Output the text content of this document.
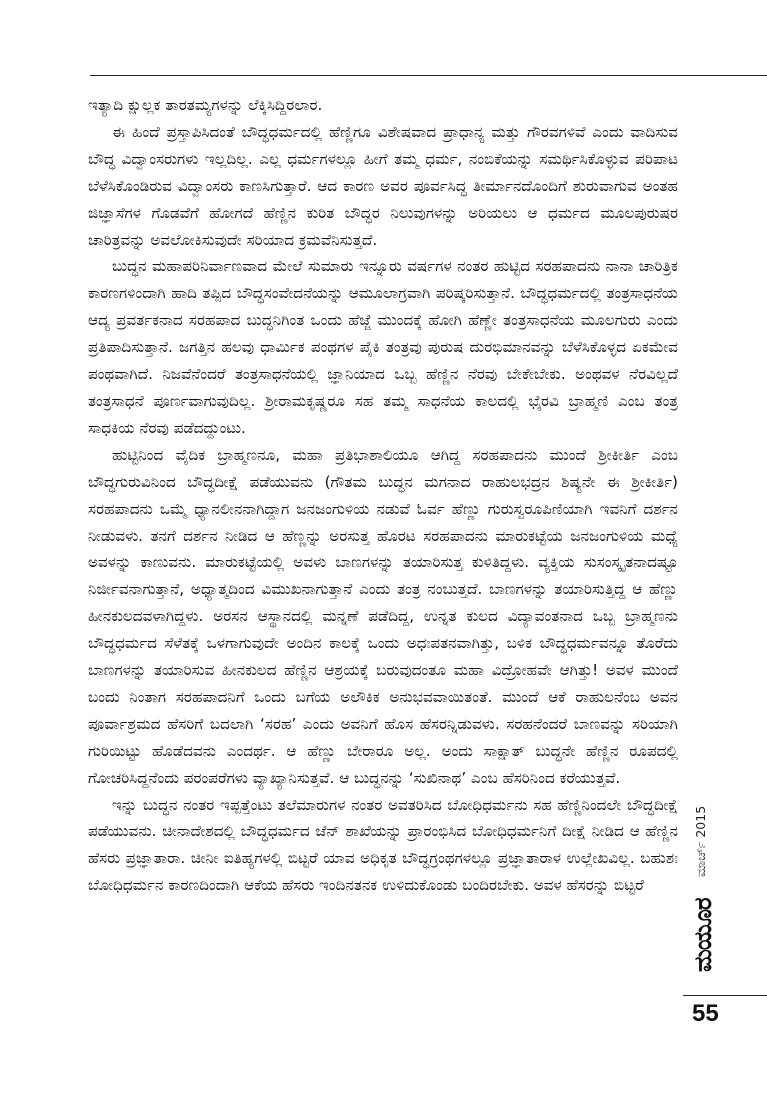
ಇತ್ಯಾದಿ ಕ್ಷುಲ್ಲಕ ತಾರತಮ್ಯಗಳನ್ನು ಲೆಕ್ಕಿಸಿದ್ದಿರಲಾರ.

ಈ ಹಿಂದೆ ಪ್ರಸ್ತಾಪಿಸಿದಂತೆ ಬೌದ್ಧಧರ್ಮದಲ್ಲಿ ಹೆಣ್ಣಿಗೂ ವಿಶೇಷವಾದ ಪ್ರಾಧಾನ್ಯ ಮತ್ತು ಗೌರವಗಳಿವೆ ಎಂದು ವಾದಿಸುವ ಬೌದ್ಧ ವಿದ್ವಾಂಸರುಗಳು ಇಲ್ಲದಿಲ್ಲ. ಎಲ್ಲ ಧರ್ಮಗಳಲ್ಲೂ ಹೀಗೆ ತಮ್ಮ ಧರ್ಮ, ನಂಬಿಕೆಯನ್ನು ಸಮರ್ಥಿಸಿಕೊಳ್ಳುವ ಪರಿಪಾಟ ಬೆಳೆಸಿಕೊಂಡಿರುವ ವಿದ್ವಾಂಸರು ಕಾಣಸಿಗುತ್ತಾರೆ. ಆದ ಕಾರಣ ಅವರ ಪೂರ್ವಸಿದ್ಧ ತೀರ್ಮಾನದೊಂದಿಗೆ ಶುರುವಾಗುವ ಅಂತಹ ಜಿಜ್ಞಾಸೆಗಳ ಗೊಡವೆಗೆ ಹೋಗದೆ ಹೆಣ್ಣಿನ ಕುರಿತ ಬೌದ್ಧರ ನಿಲುವುಗಳನ್ನು ಅರಿಯಲು ಆ ಧರ್ಮದ ಮೂಲಪುರುಷರ ಚಾರಿತ್ರವನ್ನು ಅವಲೋಕಿಸುವುದೇ ಸರಿಯಾದ ಕ್ರಮವೆನಿಸುತ್ತದೆ.

ಬುದ್ಧನ ಮಹಾಪರಿನಿರ್ವಾಣವಾದ ಮೇಲೆ ಸುಮಾರು ಇನ್ನೂರು ವರ್ಷಗಳ ನಂತರ ಹುಟ್ಟಿದ ಸರಹಪಾದನು ನಾನಾ ಚಾರಿತ್ರಿಕ ಕಾರಣಗಳಿಂದಾಗಿ ಹಾದಿ ತಪ್ಪಿದ ಬೌದ್ಧಸಂವೇದನೆಯನ್ನು ಆಮೂಲಾಗ್ರವಾಗಿ ಪರಿಷ್ಕರಿಸುತ್ತಾನೆ. ಬೌದ್ಧಧರ್ಮದಲ್ಲಿ ತಂತ್ರಸಾಧನೆಯ ಆದ್ಯ ಪ್ರವರ್ತಕನಾದ ಸರಹಪಾದ ಬುದ್ಧನಿಗಿಂತ ಒಂದು ಹೆಜ್ಜೆ ಮುಂದಕ್ಕೆ ಹೋಗಿ ಹೆಣ್ಣೇ ತಂತ್ರಸಾಧನೆಯ ಮೂಲಗುರು ಎಂದು ಪ್ರತಿಪಾದಿಸುತ್ತಾನೆ. ಜಗತ್ತಿನ ಹಲವು ಧಾರ್ಮಿಕ ಪಂಥಗಳ ಪೈಕಿ ತಂತ್ರವು ಪುರುಷ ದುರಭಿಮಾನವನ್ನು ಬೆಳೆಸಿಕೊಳ್ಳದ ಏಕಮೇವ ಪಂಥವಾಗಿದೆ. ನಿಜವೆನೆಂದರೆ ತಂತ್ರಸಾಧನೆಯಲ್ಲಿ ಜ್ಞಾನಿಯಾದ ಒಬ್ಬ ಹೆಣ್ಣಿನ ನೆರವು ಬೇಕೇಬೇಕು. ಅಂಥವಳ ನೆರವಿಲ್ಲದೆ ತಂತ್ರಸಾಧನೆ ಪೂರ್ಣವಾಗುವುದಿಲ್ಲ. ಶ್ರೀರಾಮಕೃಷ್ಣರೂ ಸಹ ತಮ್ಮ ಸಾಧನೆಯ ಕಾಲದಲ್ಲಿ ಭೈರವಿ ಬ್ರಾಹ್ಮಣಿ ಎಂಬ ತಂತ್ರ ಸಾಧಕಿಯ ನೆರವು ಪಡೆದದ್ದುಂಟು.

ಹುಟ್ಟಿನಿಂದ ವೈದಿಕ ಬ್ರಾಹ್ಮಣನೂ, ಮಹಾ ಪ್ರತಿಭಾಶಾಲಿಯೂ ಆಗಿದ್ದ ಸರಹಪಾದನು ಮುಂದೆ ಶ್ರೀಕೀರ್ತಿ ಎಂಬ ಬೌದ್ಧಗುರುವಿನಿಂದ ಬೌದ್ಧದೀಕ್ಷೆ ಪಡೆಯುವನು (ಗೌತಮ ಬುದ್ಧನ ಮಗನಾದ ರಾಹುಲಭದ್ರನ ಶಿಷ್ಯನೇ ಈ ಶ್ರೀಕೀರ್ತಿ) ಸರಹಪಾದನು ಒಮ್ಮೆ ಧ್ಯಾನಲೀನನಾಗಿದ್ದಾಗ ಜನಜಂಗುಳಿಯ ನಡುವೆ ಓರ್ವ ಹೆಣ್ಣು ಗುರುಸ್ವರೂಪಿಣಿಯಾಗಿ ಇವನಿಗೆ ದರ್ಶನ ನೀಡುವಳು. ತನಗೆ ದರ್ಶನ ನೀಡಿದ ಆ ಹೆಣ್ಣನ್ನು ಅರಸುತ್ತ ಹೊರಟ ಸರಹಪಾದನು ಮಾರುಕಟ್ಟೆಯ ಜನಜಂಗುಳಿಯ ಮಧ್ಯೆ ಅವಳನ್ನು ಕಾಣುವನು. ಮಾರುಕಟ್ಟೆಯಲ್ಲಿ ಅವಳು ಬಾಣಗಳನ್ನು ತಯಾರಿಸುತ್ತ ಕುಳಿತಿದ್ದಳು. ವ್ಯಕ್ತಿಯ ಸುಸಂಸ್ಕೃತನಾದಷ್ಟೂ ನಿರ್ಜೀವನಾಗುತ್ತಾನೆ, ಅಧ್ಯಾತ್ಮದಿಂದ ವಿಮುಖನಾಗುತ್ತಾನೆ ಎಂದು ತಂತ್ರ ನಂಬುತ್ತದೆ. ಬಾಣಗಳನ್ನು ತಯಾರಿಸುತ್ತಿದ್ದ ಆ ಹೆಣ್ಣು ಹೀನಕುಲದವಳಾಗಿದ್ದಳು. ಅರಸನ ಆಸ್ಥಾನದಲ್ಲಿ ಮನ್ನಣೆ ಪಡೆದಿದ್ದ, ಉನ್ನತ ಕುಲದ ವಿದ್ಯಾವಂತನಾದ ಒಬ್ಬ ಬ್ರಾಹ್ಮಣನು ಬೌದ್ಧಧರ್ಮದ ಸೆಳೆತಕ್ಕೆ ಒಳಗಾಗುವುದೇ ಅಂದಿನ ಕಾಲಕ್ಕೆ ಒಂದು ಅಧಃಪತನವಾಗಿತ್ತು, ಬಳಿಕ ಬೌದ್ಧಧರ್ಮವನ್ನೂ ತೊರೆದು ಬಾಣಗಳನ್ನು ತಯಾರಿಸುವ ಹೀನಕುಲದ ಹೆಣ್ಣಿನ ಆಶ್ರಯಕ್ಕೆ ಬರುವುದಂತೂ ಮಹಾ ವಿದ್ರೋಹವೇ ಆಗಿತ್ತು! ಅವಳ ಮುಂದೆ ಬಂದು ನಿಂತಾಗ ಸರಹಪಾದನಿಗೆ ಒಂದು ಬಗೆಯ ಅಲೌಕಿಕ ಅನುಭವವಾಯಿತಂತೆ. ಮುಂದೆ ಆಕೆ ರಾಹುಲನೆಂಬ ಅವನ ಪೂರ್ವಾಶ್ರಮದ ಹೆಸರಿಗೆ ಬದಲಾಗಿ ‘ಸರಹ’ ಎಂದು ಅವನಿಗೆ ಹೊಸ ಹೆಸರನ್ನಿಡುವಳು. ಸರಹನೆಂದರೆ ಬಾಣವನ್ನು ಸರಿಯಾಗಿ ಗುರಿಯಿಟ್ಟು ಹೊಡೆದವನು ಎಂದರ್ಥ. ಆ ಹೆಣ್ಣು ಬೇರಾರೂ ಅಲ್ಲ. ಅಂದು ಸಾಕ್ಷಾತ್ ಬುದ್ಧನೇ ಹೆಣ್ಣಿನ ರೂಪದಲ್ಲಿ ಗೋಚರಿಸಿದ್ದನೆಂದು ಪರಂಪರೆಗಳು ವ್ಯಾಖ್ಯಾನಿಸುತ್ತವೆ. ಆ ಬುದ್ಧನನ್ನು ‘ಸುಖಿನಾಥ’ ಎಂಬ ಹೆಸರಿನಿಂದ ಕರೆಯುತ್ತವೆ.

ಇನ್ನು ಬುದ್ಧನ ನಂತರ ಇಪ್ಪತ್ತೆಂಟು ತಲೆಮಾರುಗಳ ನಂತರ ಅವತರಿಸಿದ ಬೋಧಿಧರ್ಮನು ಸಹ ಹೆಣ್ಣಿನಿಂದಲೇ ಬೌದ್ಧದೀಕ್ಷೆ ಪಡೆಯುವನು. ಚೀನಾದೇಶದಲ್ಲಿ ಬೌದ್ಧಧರ್ಮದ ಜೆನ್ ಶಾಖೆಯನ್ನು ಪ್ರಾರಂಭಿಸಿದ ಬೋಧಿಧರ್ಮನಿಗೆ ದೀಕ್ಷೆ ನೀಡಿದ ಆ ಹೆಣ್ಣಿನ ಹೆಸರು ಪ್ರಜ್ಞಾತಾರಾ. ಚೀನೀ ಐತಿಹ್ಯಗಳಲ್ಲಿ ಬಿಟ್ಟರೆ ಯಾವ ಅಧಿಕೃತ ಬೌದ್ಧಗ್ರಂಥಗಳಲ್ಲೂ ಪ್ರಜ್ಞಾತಾರಾಳ ಉಲ್ಲೇಖವಿಲ್ಲ. ಬಹುಶಃ ಬೋಧಿಧರ್ಮನ ಕಾರಣದಿಂದಾಗಿ ಆಕೆಯ ಹೆಸರು ಇಂದಿನತನಕ ಉಳಿದುಕೊಂಡು ಬಂದಿರಬೇಕು. ಅವಳ ಹೆಸರನ್ನು ಬಿಟ್ಟರೆ

ಮಾರ್ಚ್ 2015
ಮಯೂರ
55
